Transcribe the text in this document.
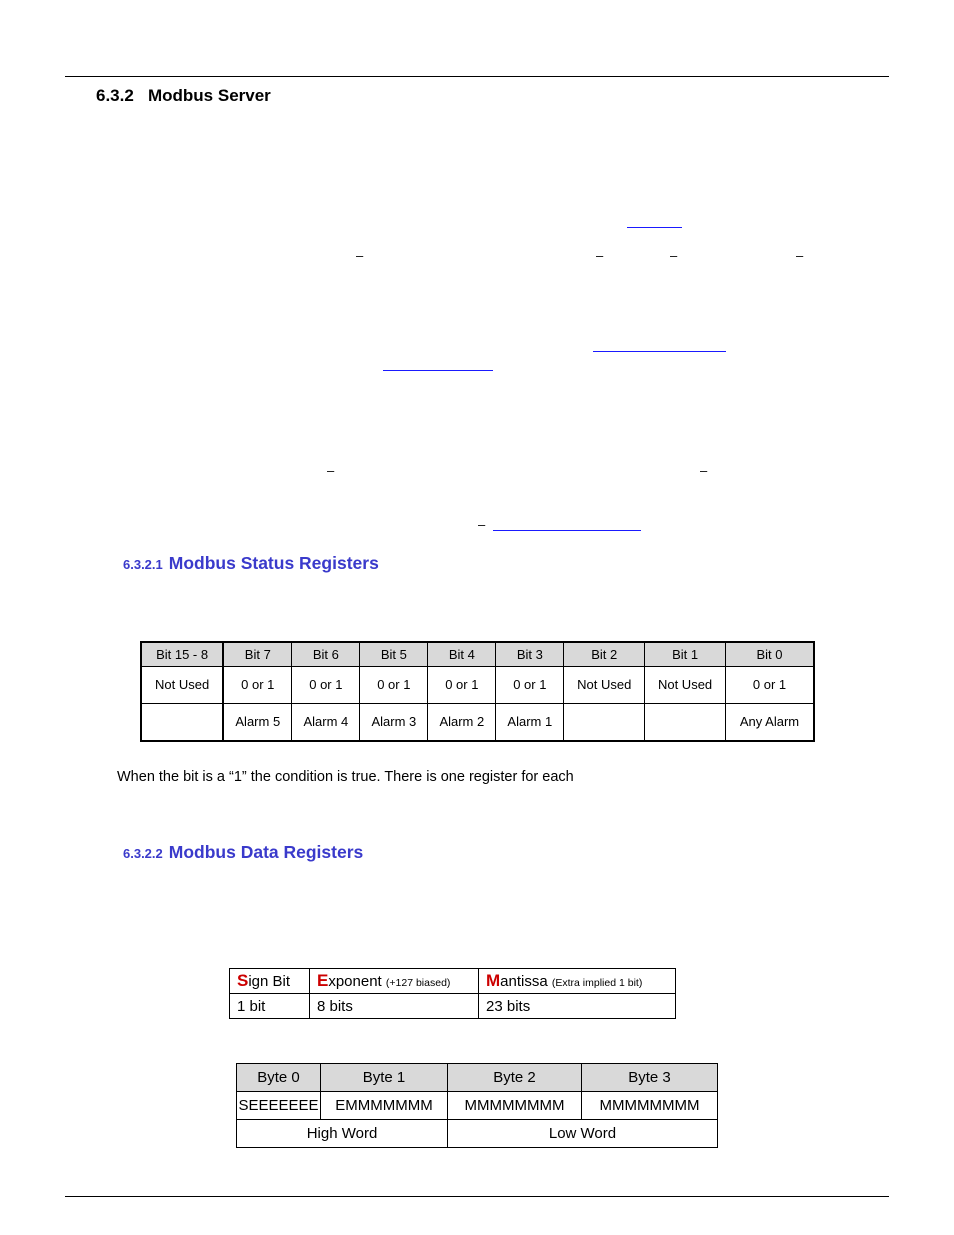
6.3.2 Modbus Server
–	–	–	–
–	–
–
6.3.2.1 Modbus Status Registers
Bit 15 - 8	Bit 7	Bit 6	Bit 5	Bit 4	Bit 3	Bit 2	Bit 1	Bit 0
Not Used	0 or 1	0 or 1	0 or 1	0 or 1	0 or 1	Not Used	Not Used	0 or 1
	Alarm 5	Alarm 4	Alarm 3	Alarm 2	Alarm 1			Any Alarm
When the bit is a “1” the condition is true. There is one register for each
6.3.2.2 Modbus Data Registers
Sign Bit	Exponent (+127 biased)	Mantissa (Extra implied 1 bit)
1 bit	8 bits	23 bits
Byte 0	Byte 1	Byte 2	Byte 3
SEEEEEEE	EMMMMMMM	MMMMMMMM	MMMMMMMM
High Word		Low Word	
